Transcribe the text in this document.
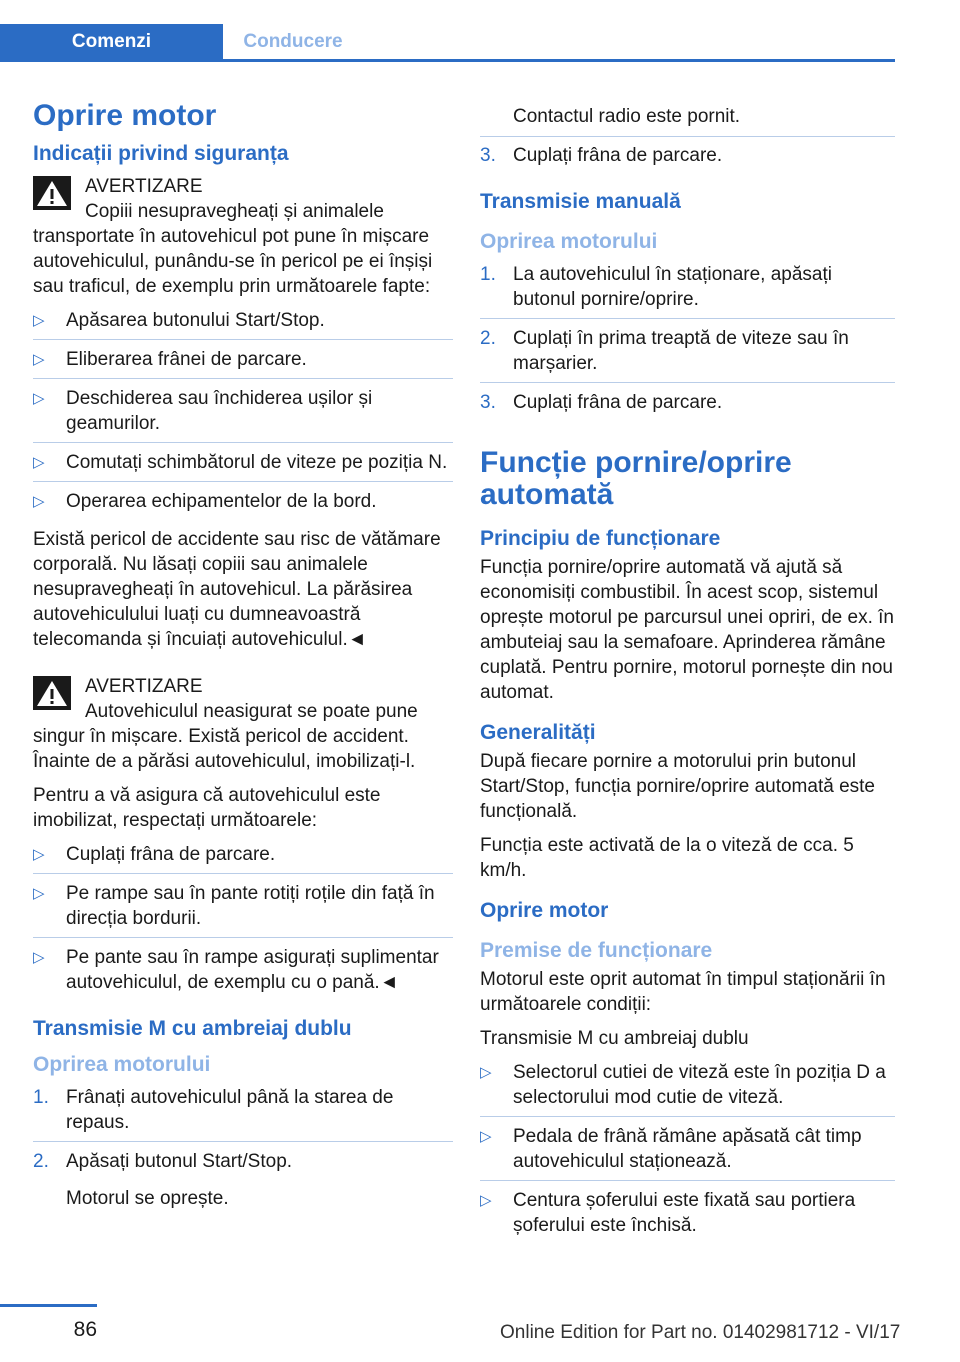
Comenzi	Conducere
Oprire motor
Indicații privind siguranța
AVERTIZARE
Copiii nesupravegheați și animalele
transportate în autovehicul pot pune în mișcare autovehiculul, punându-se în pericol pe ei înșiși sau traficul, de exemplu prin următoarele fapte:
▷ Apăsarea butonului Start/Stop.
▷ Eliberarea frânei de parcare.
▷ Deschiderea sau închiderea ușilor și geamurilor.
▷ Comutați schimbătorul de viteze pe poziția N.
▷ Operarea echipamentelor de la bord.
Există pericol de accidente sau risc de vătămare corporală. Nu lăsați copiii sau animalele nesupravegheați în autovehicul. La părăsirea autovehiculului luați cu dumneavoastră telecomanda și încuiați autovehiculul.◄
AVERTIZARE
Autovehiculul neasigurat se poate pune
singur în mișcare. Există pericol de accident. Înainte de a părăsi autovehiculul, imobilizați-l.
Pentru a vă asigura că autovehiculul este imobilizat, respectați următoarele:
▷ Cuplați frâna de parcare.
▷ Pe rampe sau în pante rotiți roțile din față în direcția bordurii.
▷ Pe pante sau în rampe asigurați suplimentar autovehiculul, de exemplu cu o pană.◄
Transmisie M cu ambreiaj dublu
Oprirea motorului
1. Frânați autovehiculul până la starea de repaus.
2. Apăsați butonul Start/Stop.
Motorul se oprește.
Contactul radio este pornit.
3. Cuplați frâna de parcare.
Transmisie manuală
Oprirea motorului
1. La autovehiculul în staționare, apăsați butonul pornire/oprire.
2. Cuplați în prima treaptă de viteze sau în marșarier.
3. Cuplați frâna de parcare.
Funcție pornire/oprire automată
Principiu de funcționare
Funcția pornire/oprire automată vă ajută să economisiți combustibil. În acest scop, sistemul oprește motorul pe parcursul unei opriri, de ex. în ambuteiaj sau la semafoare. Aprinderea rămâne cuplată. Pentru pornire, motorul pornește din nou automat.
Generalități
După fiecare pornire a motorului prin butonul Start/Stop, funcția pornire/oprire automată este funcțională.
Funcția este activată de la o viteză de cca. 5 km/h.
Oprire motor
Premise de funcționare
Motorul este oprit automat în timpul staționării în următoarele condiții:
Transmisie M cu ambreiaj dublu
▷ Selectorul cutiei de viteză este în poziția D a selectorului mod cutie de viteză.
▷ Pedala de frână rămâne apăsată cât timp autovehiculul staționează.
▷ Centura șoferului este fixată sau portiera șoferului este închisă.
86	Online Edition for Part no. 01402981712 - VI/17
